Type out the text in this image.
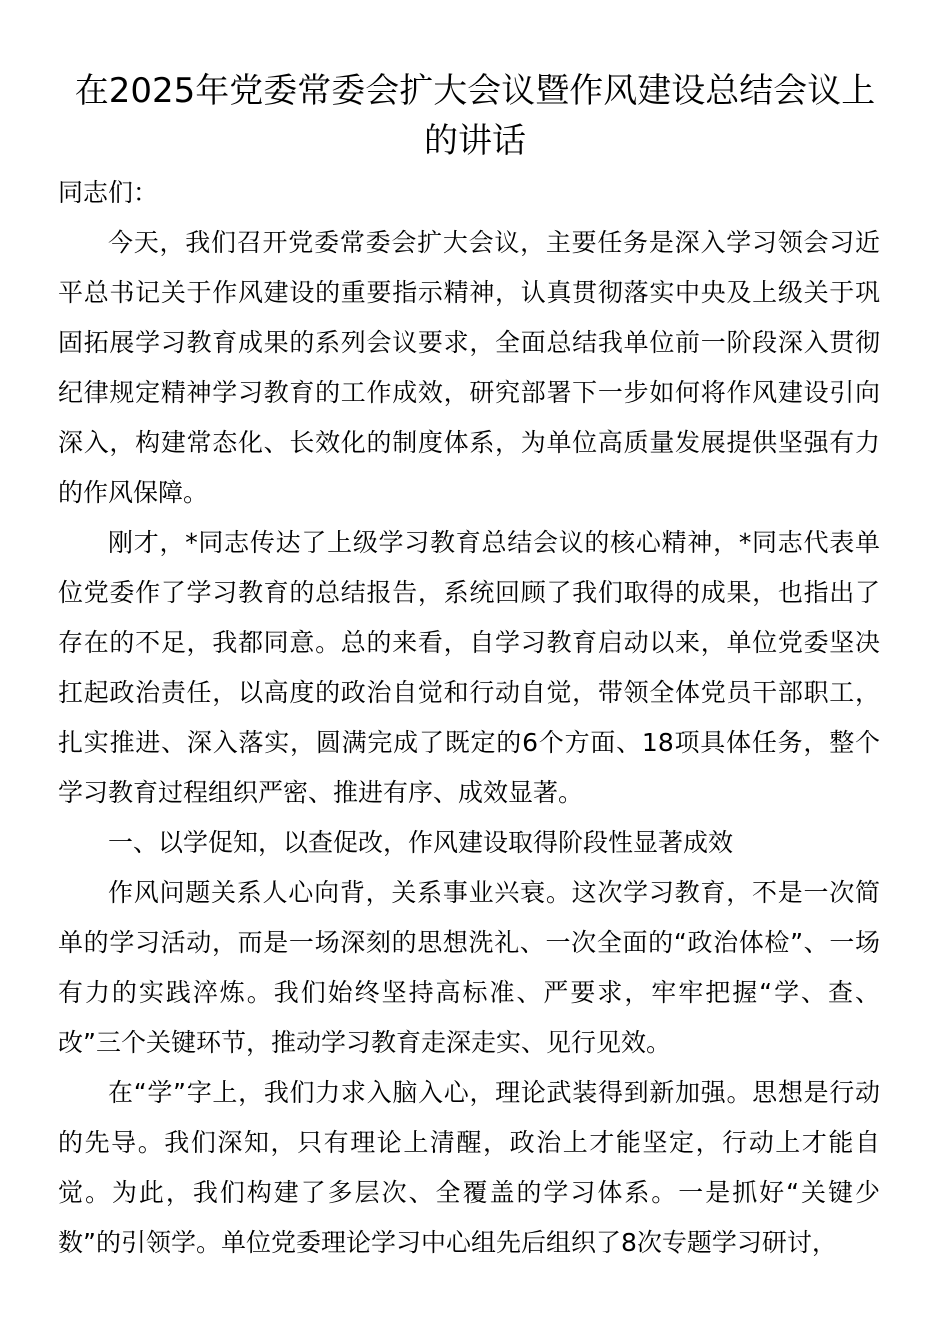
在2025年党委常委会扩大会议暨作风建设总结会议上的讲话

同志们：

今天，我们召开党委常委会扩大会议，主要任务是深入学习领会习近平总书记关于作风建设的重要指示精神，认真贯彻落实中央及上级关于巩固拓展学习教育成果的系列会议要求，全面总结我单位前一阶段深入贯彻纪律规定精神学习教育的工作成效，研究部署下一步如何将作风建设引向深入，构建常态化、长效化的制度体系，为单位高质量发展提供坚强有力的作风保障。

刚才，*同志传达了上级学习教育总结会议的核心精神，*同志代表单位党委作了学习教育的总结报告，系统回顾了我们取得的成果，也指出了存在的不足，我都同意。总的来看，自学习教育启动以来，单位党委坚决扛起政治责任，以高度的政治自觉和行动自觉，带领全体党员干部职工，扎实推进、深入落实，圆满完成了既定的6个方面、18项具体任务，整个学习教育过程组织严密、推进有序、成效显著。

一、以学促知，以查促改，作风建设取得阶段性显著成效

作风问题关系人心向背，关系事业兴衰。这次学习教育，不是一次简单的学习活动，而是一场深刻的思想洗礼、一次全面的“政治体检”、一场有力的实践淬炼。我们始终坚持高标准、严要求，牢牢把握“学、查、改”三个关键环节，推动学习教育走深走实、见行见效。

在“学”字上，我们力求入脑入心，理论武装得到新加强。思想是行动的先导。我们深知，只有理论上清醒，政治上才能坚定，行动上才能自觉。为此，我们构建了多层次、全覆盖的学习体系。一是抓好“关键少数”的引领学。单位党委理论学习中心组先后组织了8次专题学习研讨，
